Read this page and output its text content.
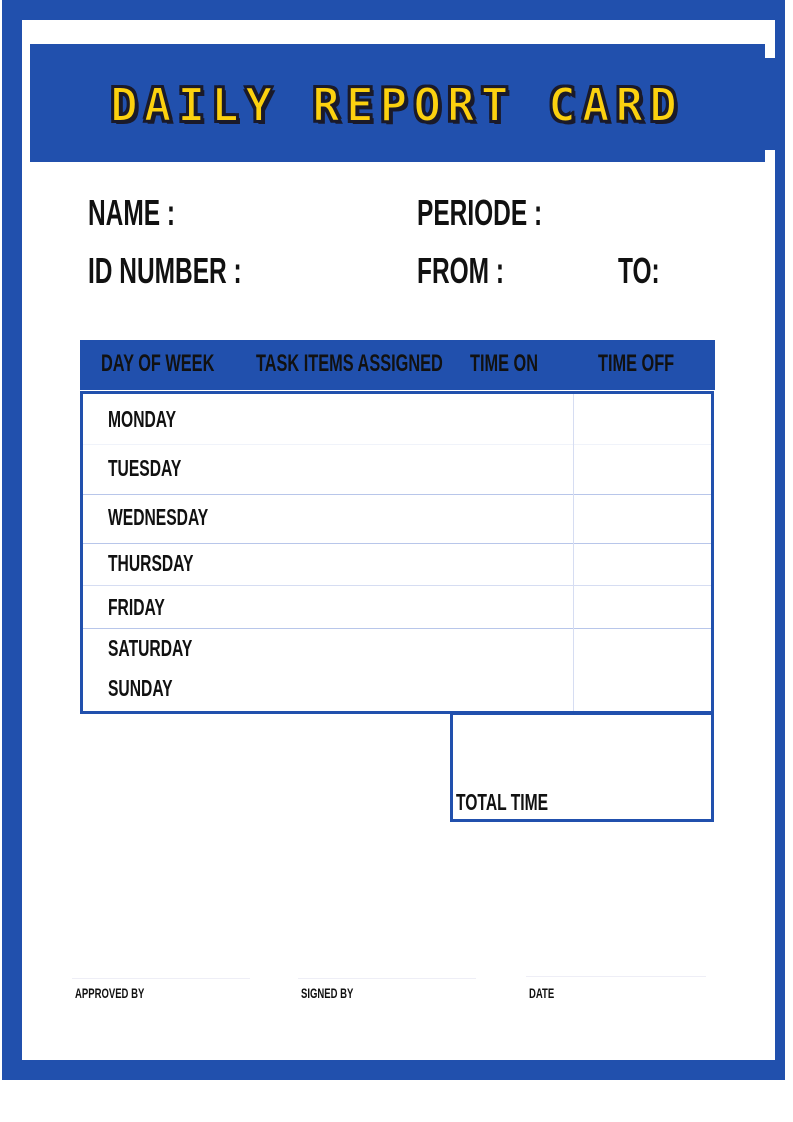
DAILY REPORT CARD
NAME :	PERIODE :
ID NUMBER :	FROM :	TO:
DAY OF WEEK	TASK ITEMS ASSIGNED	TIME ON	TIME OFF
MONDAY
TUESDAY
WEDNESDAY
THURSDAY
FRIDAY
SATURDAY
SUNDAY
TOTAL TIME
APPROVED BY	SIGNED BY	DATE
